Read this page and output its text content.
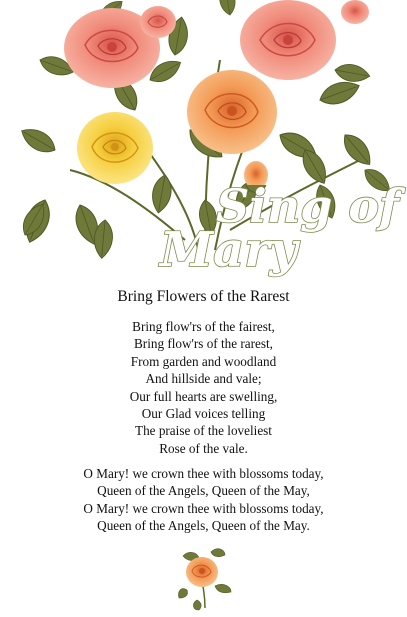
Sing of
Mary
Bring Flowers of the Rarest
Bring flow'rs of the fairest,
Bring flow'rs of the rarest,
From garden and woodland
And hillside and vale;
Our full hearts are swelling,
Our Glad voices telling
The praise of the loveliest
Rose of the vale.
O Mary! we crown thee with blossoms today,
Queen of the Angels, Queen of the May,
O Mary! we crown thee with blossoms today,
Queen of the Angels, Queen of the May.
